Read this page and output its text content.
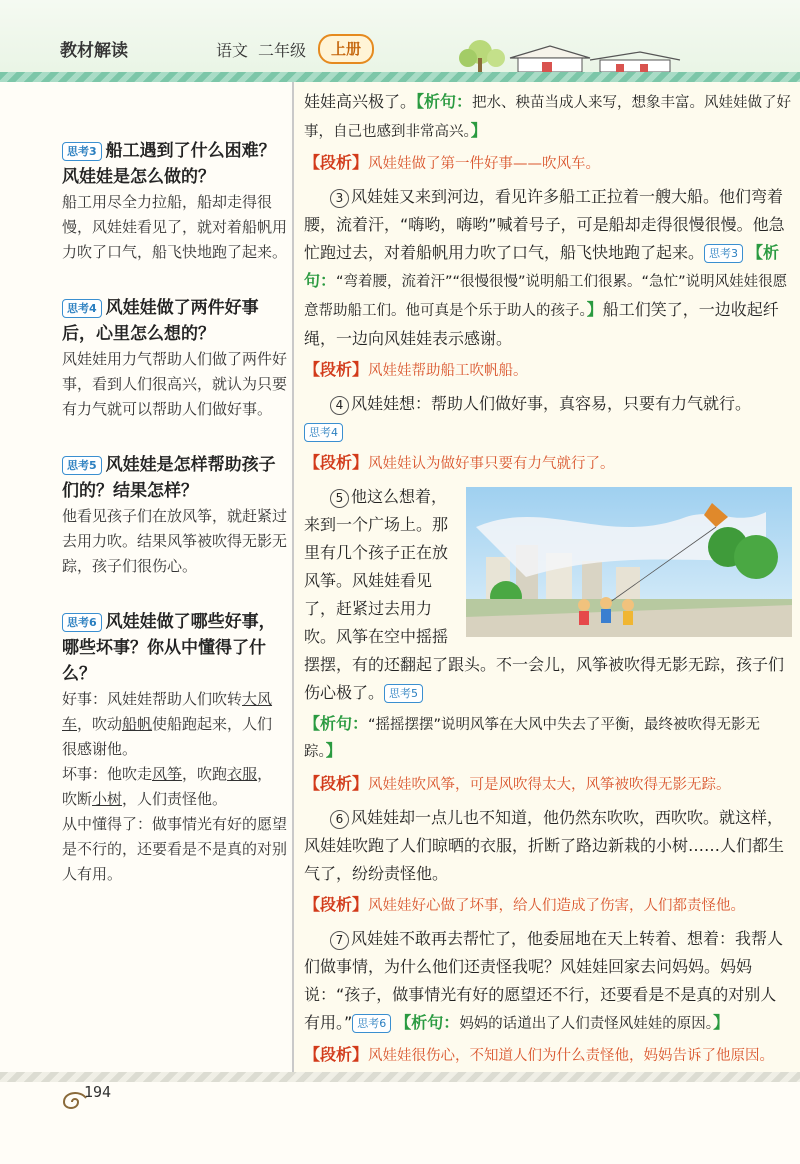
教材解读	语文 二年级	上册
思考3 船工遇到了什么困难？风娃娃是怎么做的？
船工用尽全力拉船，船却走得很慢，风娃娃看见了，就对着船帆用力吹了口气，船飞快地跑了起来。
思考4 风娃娃做了两件好事后，心里怎么想的？
风娃娃用力气帮助人们做了两件好事，看到人们很高兴，就认为只要有力气就可以帮助人们做好事。
思考5 风娃娃是怎样帮助孩子们的？结果怎样？
他看见孩子们在放风筝，就赶紧过去用力吹。结果风筝被吹得无影无踪，孩子们很伤心。
思考6 风娃娃做了哪些好事，哪些坏事？你从中懂得了什么？
好事：风娃娃帮助人们吹转大风车，吹动船帆使船跑起来，人们很感谢他。
坏事：他吹走风筝，吹跑衣服，吹断小树，人们责怪他。
从中懂得了：做事情光有好的愿望是不行的，还要看是不是真的对别人有用。
娃娃高兴极了。【析句：把水、秧苗当成人来写，想象丰富。风娃娃做了好事，自己也感到非常高兴。】
【段析】风娃娃做了第一件好事——吹风车。
3 风娃娃又来到河边，看见许多船工正拉着一艘大船。他们弯着腰，流着汗，“嗨哟，嗨哟”喊着号子，可是船却走得很慢很慢。他急忙跑过去，对着船帆用力吹了口气，船飞快地跑了起来。 思考3 【析句：“弯着腰，流着汗”“很慢很慢”说明船工们很累。“急忙”说明风娃娃很愿意帮助船工们。他可真是个乐于助人的孩子。】船工们笑了，一边收起纤绳，一边向风娃娃表示感谢。
【段析】风娃娃帮助船工吹帆船。
4 风娃娃想：帮助人们做好事，真容易，只要有力气就行。思考4
【段析】风娃娃认为做好事只要有力气就行了。
5 他这么想着，来到一个广场上。那里有几个孩子正在放风筝。风娃娃看见了，赶紧过去用力吹。风筝在空中摇摇摆摆，有的还翻起了跟头。不一会儿，风筝被吹得无影无踪，孩子们伤心极了。 思考5
【析句：“摇摇摆摆”说明风筝在大风中失去了平衡，最终被吹得无影无踪。】
【段析】风娃娃吹风筝，可是风吹得太大，风筝被吹得无影无踪。
6 风娃娃却一点儿也不知道，他仍然东吹吹，西吹吹。就这样，风娃娃吹跑了人们晾晒的衣服，折断了路边新栽的小树……人们都生气了，纷纷责怪他。
【段析】风娃娃好心做了坏事，给人们造成了伤害，人们都责怪他。
7 风娃娃不敢再去帮忙了，他委屈地在天上转着、想着：我帮人们做事情，为什么他们还责怪我呢？风娃娃回家去问妈妈。妈妈说：“孩子，做事情光有好的愿望还不行，还要看是不是真的对别人有用。” 思考6 【析句：妈妈的话道出了人们责怪风娃娃的原因。】
【段析】风娃娃很伤心，不知道人们为什么责怪他，妈妈告诉了他原因。
194
